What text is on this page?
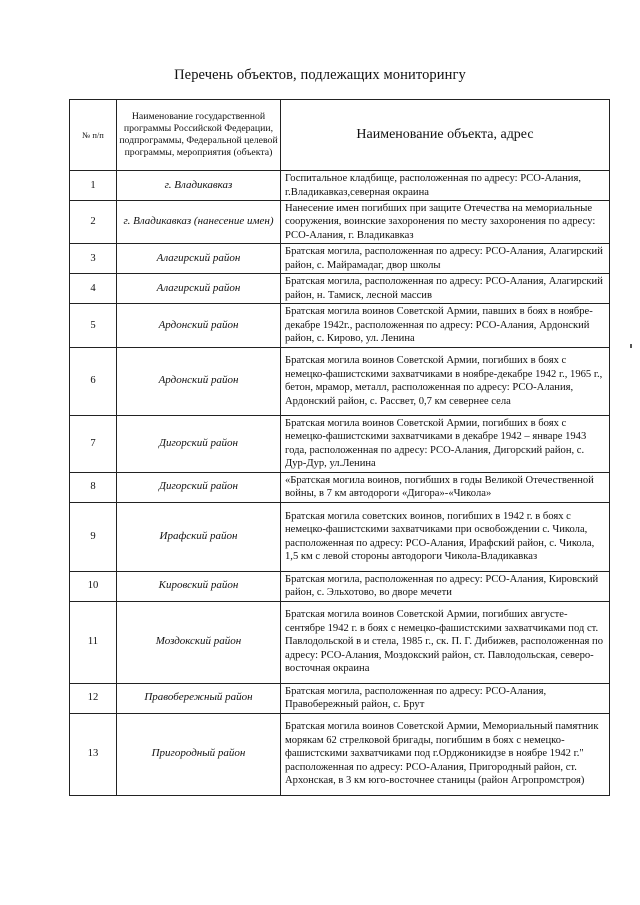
Перечень объектов, подлежащих мониторингу
№ п/п	Наименование государственной программы Российской Федерации, подпрограммы, Федеральной целевой программы, мероприятия (объекта)	Наименование объекта, адрес
1	г. Владикавказ	Госпитальное кладбище, расположенная по адресу: РСО-Алания, г.Владикавказ,северная окраина
2	г. Владикавказ (нанесение имен)	Нанесение имен погибших при защите Отечества на мемориальные сооружения, воинские захоронения по месту захоронения по адресу: РСО-Алания, г. Владикавказ
3	Алагирский район	Братская могила, расположенная по адресу: РСО-Алания, Алагирский район, с. Майрамадаг, двор школы
4	Алагирский район	Братская могила, расположенная по адресу: РСО-Алания, Алагирский район, н. Тамиск, лесной массив
5	Ардонский район	Братская могила воинов Советской Армии, павших в боях в ноябре-декабре 1942г., расположенная по адресу: РСО-Алания, Ардонский район, с. Кирово, ул. Ленина
6	Ардонский район	Братская могила воинов Советской Армии, погибших в боях с немецко-фашистскими захватчиками в ноябре-декабре 1942 г., 1965 г., бетон, мрамор, металл, расположенная по адресу: РСО-Алания, Ардонский район, с. Рассвет, 0,7 км севернее села
7	Дигорский район	Братская могила воинов Советской Армии, погибших в боях с немецко-фашистскими захватчиками в декабре 1942 – январе 1943 года, расположенная по адресу: РСО-Алания, Дигорский район, с. Дур-Дур, ул.Ленина
8	Дигорский район	«Братская могила воинов, погибших в годы Великой Отечественной войны, в 7 км автодороги «Дигора»-«Чикола»
9	Ирафский район	Братская могила советских воинов, погибших в 1942 г. в боях с немецко-фашистскими захватчиками при освобождении с. Чикола, расположенная по адресу: РСО-Алания, Ирафский район, с. Чикола, 1,5 км с левой стороны автодороги Чикола-Владикавказ
10	Кировский район	Братская могила, расположенная по адресу: РСО-Алания, Кировский район, с. Эльхотово, во дворе мечети
11	Моздокский район	Братская могила воинов Советской Армии, погибших августе-сентябре 1942 г. в боях с немецко-фашистскими захватчиками под ст. Павлодольской в и стела, 1985 г., ск. П. Г. Дибижев, расположенная по адресу: РСО-Алания, Моздокский район, ст. Павлодольская, северо-восточная окраина
12	Правобережный район	Братская могила, расположенная по адресу: РСО-Алания, Правобережный район, с. Брут
13	Пригородный район	Братская могила воинов Советской Армии, Мемориальный памятник морякам 62 стрелковой бригады, погибшим в боях с немецко-фашистскими захватчиками под г.Орджоникидзе в ноябре 1942 г." расположенная по адресу: РСО-Алания, Пригородный район, ст. Архонская, в 3 км юго-восточнее станицы (район Агропромстроя)
